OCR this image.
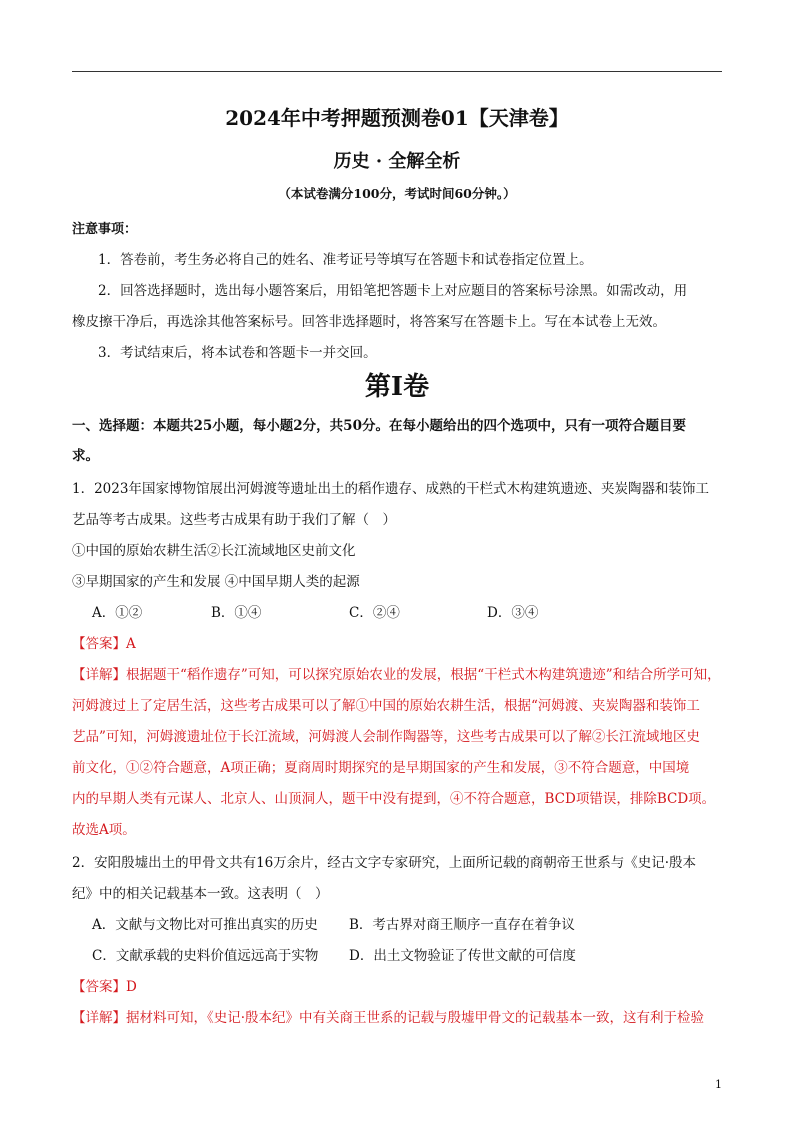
2024年中考押题预测卷01【天津卷】
历史 · 全解全析
（本试卷满分100分，考试时间60分钟。）
注意事项：
1．答卷前，考生务必将自己的姓名、准考证号等填写在答题卡和试卷指定位置上。
2．回答选择题时，选出每小题答案后，用铅笔把答题卡上对应题目的答案标号涂黑。如需改动，用
橡皮擦干净后，再选涂其他答案标号。回答非选择题时，将答案写在答题卡上。写在本试卷上无效。
3．考试结束后，将本试卷和答题卡一并交回。
第Ⅰ卷
一、选择题：本题共25小题，每小题2分，共50分。在每小题给出的四个选项中，只有一项符合题目要
求。
1．2023年国家博物馆展出河姆渡等遗址出土的稻作遗存、成熟的干栏式木构建筑遗迹、夹炭陶器和装饰工
艺品等考古成果。这些考古成果有助于我们了解（　）
①中国的原始农耕生活②长江流域地区史前文化
③早期国家的产生和发展 ④中国早期人类的起源
A．①②	B．①④	C．②④	D．③④
【答案】A
【详解】根据题干“稻作遗存”可知，可以探究原始农业的发展，根据“干栏式木构建筑遗迹”和结合所学可知，
河姆渡过上了定居生活，这些考古成果可以了解①中国的原始农耕生活，根据“河姆渡、夹炭陶器和装饰工
艺品”可知，河姆渡遗址位于长江流域，河姆渡人会制作陶器等，这些考古成果可以了解②长江流域地区史
前文化，①②符合题意，A项正确；夏商周时期探究的是早期国家的产生和发展，③不符合题意，中国境
内的早期人类有元谋人、北京人、山顶洞人，题干中没有提到，④不符合题意，BCD项错误，排除BCD项。
故选A项。
2．安阳殷墟出土的甲骨文共有16万余片，经古文字专家研究，上面所记载的商朝帝王世系与《史记·殷本
纪》中的相关记载基本一致。这表明（　）
A．文献与文物比对可推出真实的历史 B．考古界对商王顺序一直存在着争议
C．文献承载的史料价值远远高于实物 D．出土文物验证了传世文献的可信度
【答案】D
【详解】据材料可知，《史记·殷本纪》中有关商王世系的记载与殷墟甲骨文的记载基本一致，这有利于检验
1
